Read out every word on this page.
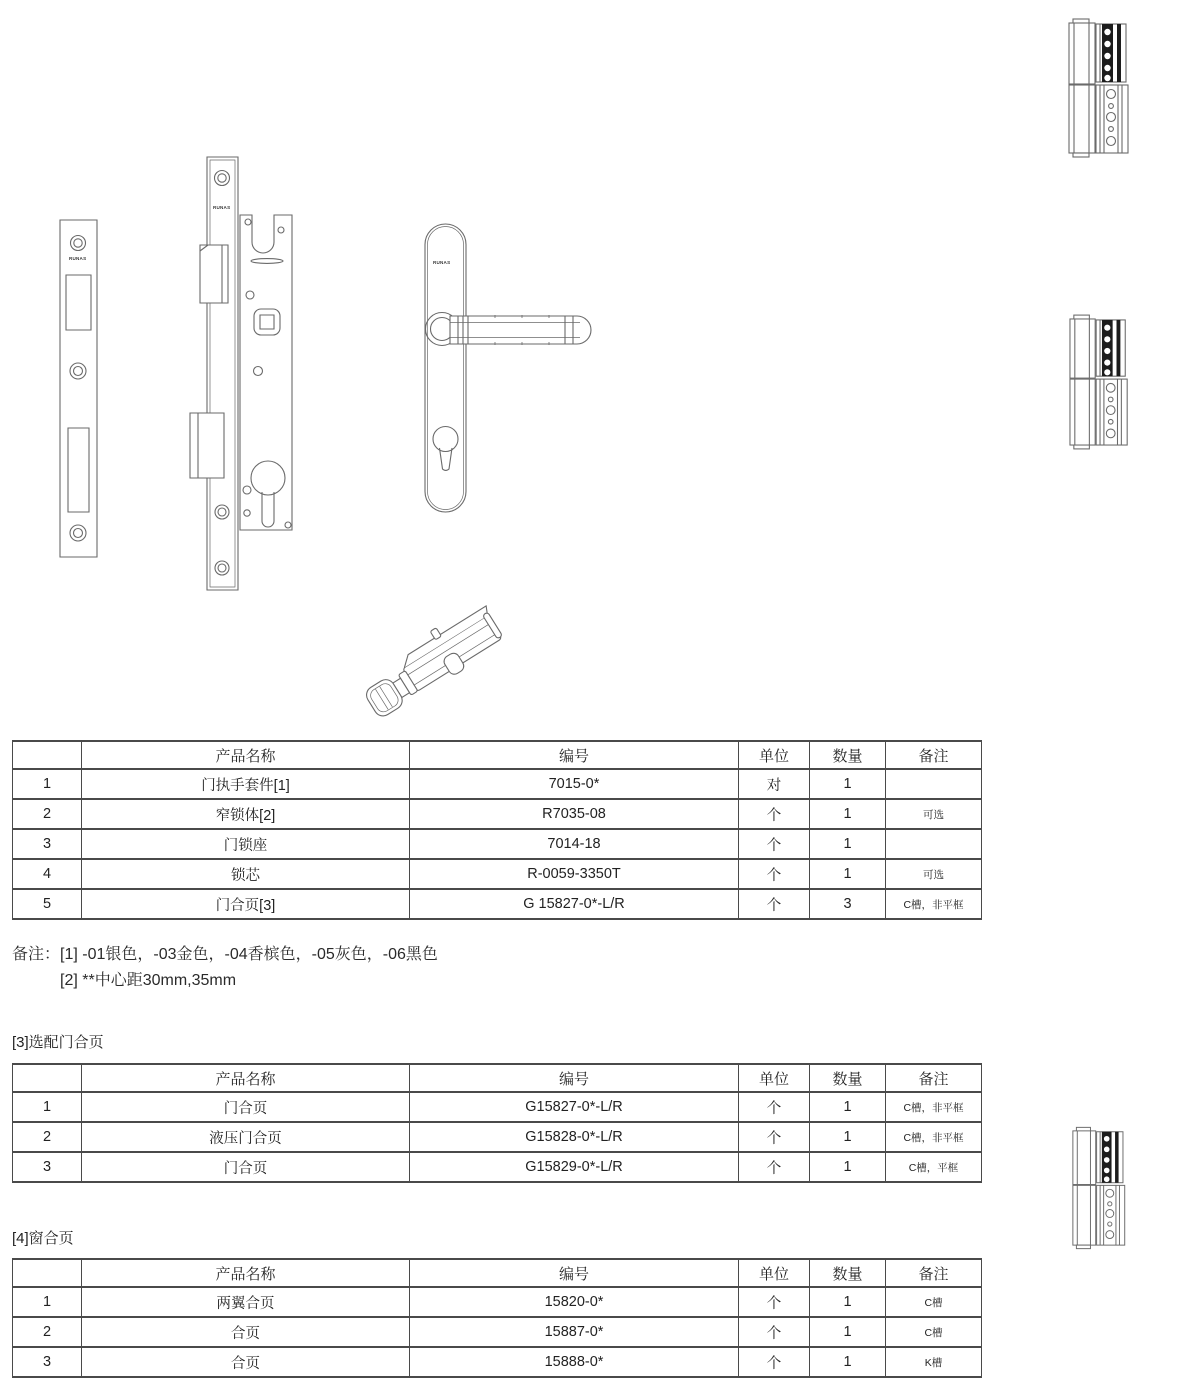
RUNAS
RUNAS
RUNAS
	产品名称	编号	单位	数量	备注
1	门执手套件[1]	7015-0*	对	1	
2	窄锁体[2]	R7035-08	个	1	可选
3	门锁座	7014-18	个	1	
4	锁芯	R-0059-3350T	个	1	可选
5	门合页[3]	G 15827-0*-L/R	个	3	C槽，非平框
备注： [1] -01银色，-03金色，-04香槟色，-05灰色，-06黑色
[2] **中心距30mm,35mm
[3]选配门合页
	产品名称	编号	单位	数量	备注
1	门合页	G15827-0*-L/R	个	1	C槽，非平框
2	液压门合页	G15828-0*-L/R	个	1	C槽，非平框
3	门合页	G15829-0*-L/R	个	1	C槽，平框
[4]窗合页
	产品名称	编号	单位	数量	备注
1	两翼合页	15820-0*	个	1	C槽
2	合页	15887-0*	个	1	C槽
3	合页	15888-0*	个	1	K槽
